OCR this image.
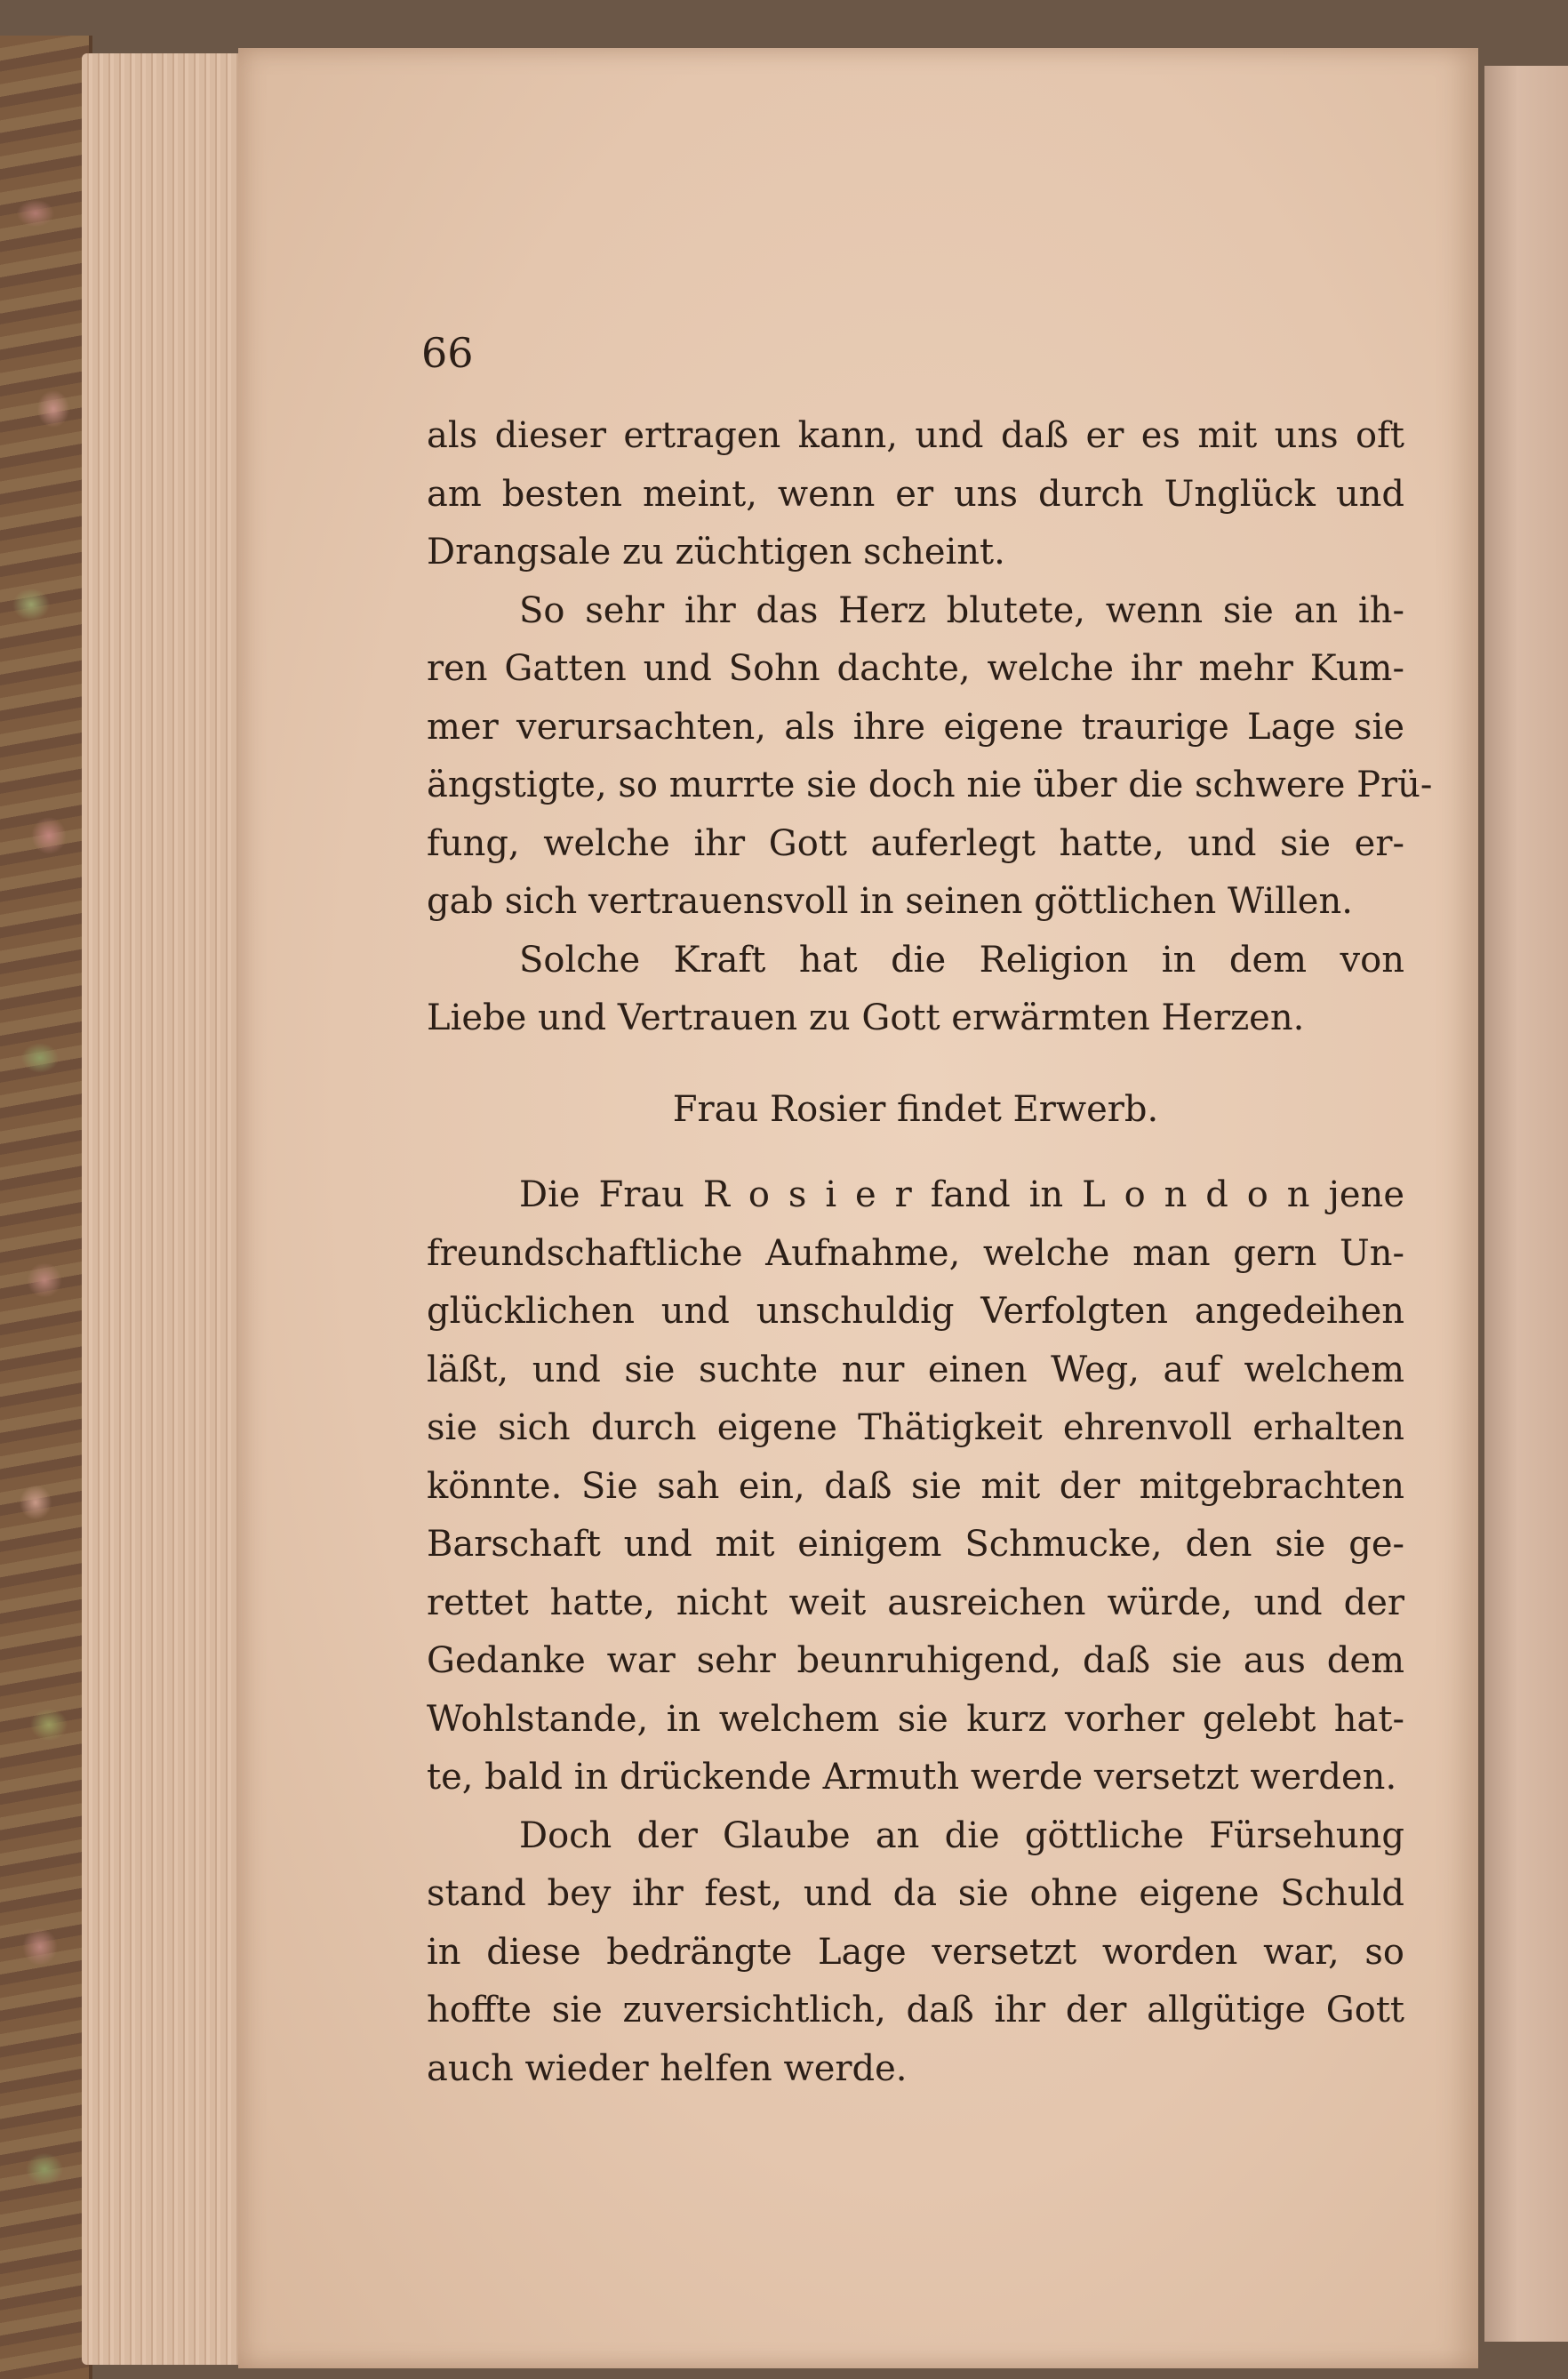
66
als dieser ertragen kann, und daß er es mit uns oft
am besten meint, wenn er uns durch Unglück und
Drangsale zu züchtigen scheint.
So sehr ihr das Herz blutete, wenn sie an ih-
ren Gatten und Sohn dachte, welche ihr mehr Kum-
mer verursachten, als ihre eigene traurige Lage sie
ängstigte, so murrte sie doch nie über die schwere Prü-
fung, welche ihr Gott auferlegt hatte, und sie er-
gab sich vertrauensvoll in seinen göttlichen Willen.
Solche Kraft hat die Religion in dem von
Liebe und Vertrauen zu Gott erwärmten Herzen.
Frau Rosier findet Erwerb.
Die Frau R o s i e r fand in L o n d o n jene
freundschaftliche Aufnahme, welche man gern Un-
glücklichen und unschuldig Verfolgten angedeihen
läßt, und sie suchte nur einen Weg, auf welchem
sie sich durch eigene Thätigkeit ehrenvoll erhalten
könnte. Sie sah ein, daß sie mit der mitgebrachten
Barschaft und mit einigem Schmucke, den sie ge-
rettet hatte, nicht weit ausreichen würde, und der
Gedanke war sehr beunruhigend, daß sie aus dem
Wohlstande, in welchem sie kurz vorher gelebt hat-
te, bald in drückende Armuth werde versetzt werden.
Doch der Glaube an die göttliche Fürsehung
stand bey ihr fest, und da sie ohne eigene Schuld
in diese bedrängte Lage versetzt worden war, so
hoffte sie zuversichtlich, daß ihr der allgütige Gott
auch wieder helfen werde.
